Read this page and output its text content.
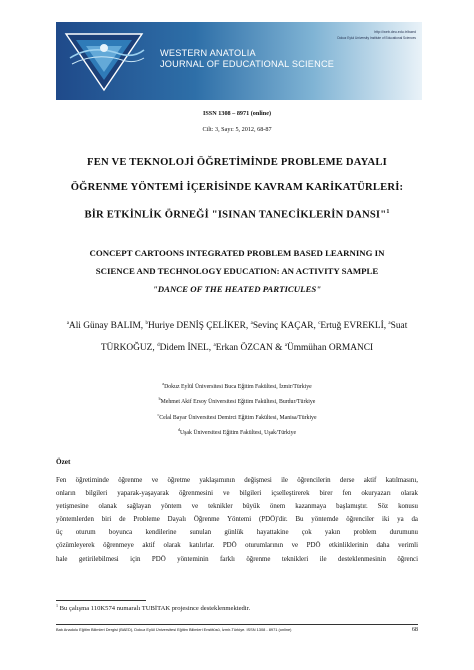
http://web.deu.edu.tr/baed
Dokuz Eylul University Institute of Educational Sciences
WESTERN ANATOLIA
JOURNAL OF EDUCATIONAL SCIENCE
ISSN 1308 – 8971 (online)
Cilt: 3, Sayı: 5, 2012, 68-87
FEN VE TEKNOLOJİ ÖĞRETİMİNDE PROBLEME DAYALI
ÖĞRENME YÖNTEMİ İÇERİSİNDE KAVRAM KARİKATÜRLERİ:
BİR ETKİNLİK ÖRNEĞİ "ISINAN TANECİKLERİN DANSI"$^1$
CONCEPT CARTOONS INTEGRATED PROBLEM BASED LEARNING IN
SCIENCE AND TECHNOLOGY EDUCATION: AN ACTIVITY SAMPLE
"DANCE OF THE HEATED PARTICULES"
$^a$Ali Günay BALIM, $^b$Huriye DENİŞ ÇELİKER, $^a$Sevinç KAÇAR, $^c$Ertuğ EVREKLİ, $^a$Suat TÜRKOĞUZ, $^d$Didem İNEL, $^a$Erkan ÖZCAN & $^a$Ümmühan ORMANCI
$^a$Dokuz Eylül Üniversitesi Buca Eğitim Fakültesi, İzmir/Türkiye
$^b$Mehmet Akif Ersoy Üniversitesi Eğitim Fakültesi, Burdur/Türkiye
$^c$Celal Bayar Üniversitesi Demirci Eğitim Fakültesi, Manisa/Türkiye
$^d$Uşak Üniversitesi Eğitim Fakültesi, Uşak/Türkiye
Özet
Fen öğretiminde öğrenme ve öğretme yaklaşımının değişmesi ile öğrencilerin derse aktif katılmasını,
onların bilgileri yaparak-yaşayarak öğrenmesini ve bilgileri içselleştirerek birer fen okuryazarı olarak
yetişmesine olanak sağlayan yöntem ve teknikler büyük önem kazanmaya başlamıştır. Söz konusu
yöntemlerden biri de Probleme Dayalı Öğrenme Yöntemi (PDÖ)'dir. Bu yöntemde öğrenciler iki ya da
üç oturum boyunca kendilerine sunulan günlük hayattakine çok yakın problem durumunu
çözümleyerek öğrenmeye aktif olarak katılırlar. PDÖ oturumlarının ve PDÖ etkinliklerinin daha verimli
hale getirilebilmesi için PDÖ yönteminin farklı öğrenme teknikleri ile desteklenmesinin öğrenci
$^1$ Bu çalışma 110K574 numaralı TUBİTAK projesince desteklenmektedir.
Batı Anadolu Eğitim Bilimleri Dergisi (BAED), Dokuz Eylül Üniversitesi Eğitim Bilimleri Enstitüsü, İzmir-Türkiye. ISSN 1308 - 8971 (online)	68
